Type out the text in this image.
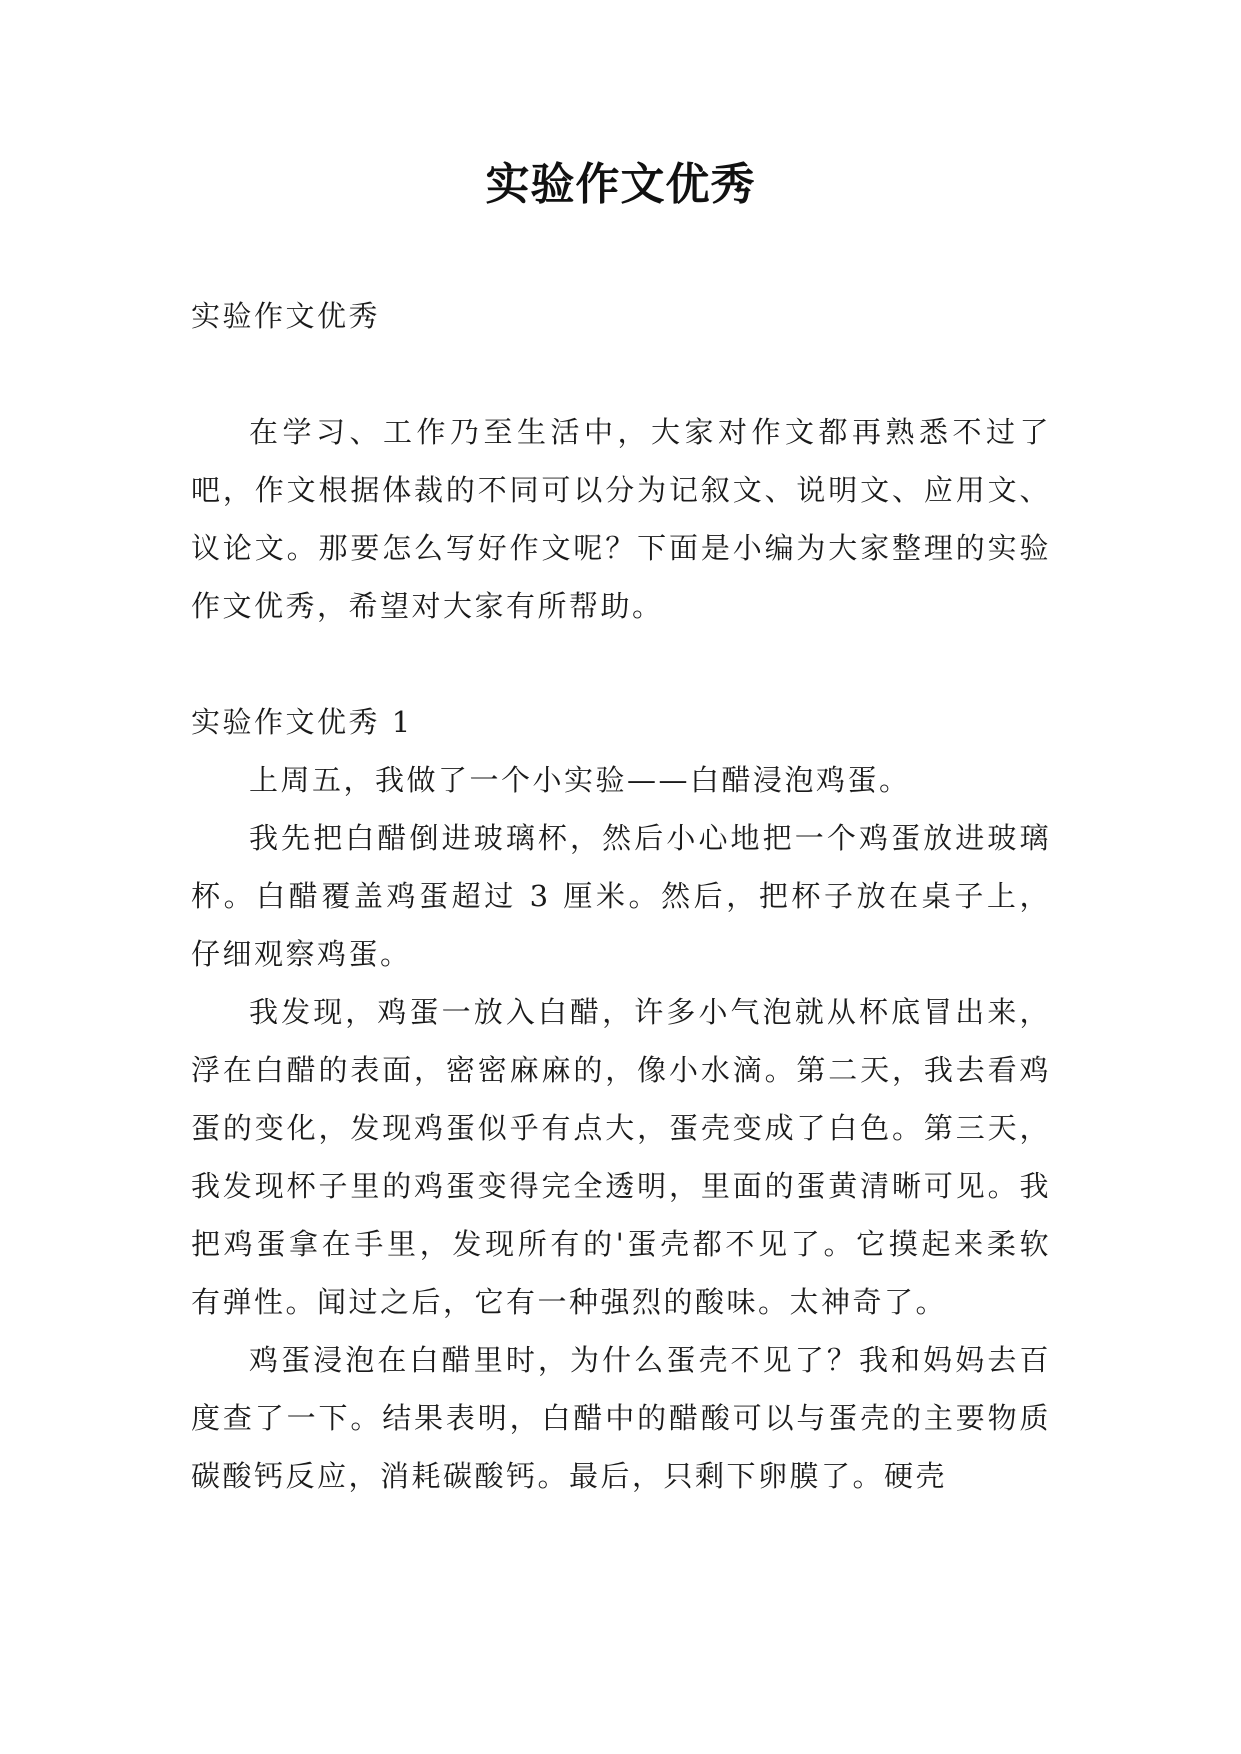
实验作文优秀

实验作文优秀

在学习、工作乃至生活中，大家对作文都再熟悉不过了吧，作文根据体裁的不同可以分为记叙文、说明文、应用文、议论文。那要怎么写好作文呢？下面是小编为大家整理的实验作文优秀，希望对大家有所帮助。

实验作文优秀 1

上周五，我做了一个小实验——白醋浸泡鸡蛋。

我先把白醋倒进玻璃杯，然后小心地把一个鸡蛋放进玻璃杯。白醋覆盖鸡蛋超过 3 厘米。然后，把杯子放在桌子上，仔细观察鸡蛋。

我发现，鸡蛋一放入白醋，许多小气泡就从杯底冒出来，浮在白醋的表面，密密麻麻的，像小水滴。第二天，我去看鸡蛋的变化，发现鸡蛋似乎有点大，蛋壳变成了白色。第三天，我发现杯子里的鸡蛋变得完全透明，里面的蛋黄清晰可见。我把鸡蛋拿在手里，发现所有的'蛋壳都不见了。它摸起来柔软有弹性。闻过之后，它有一种强烈的酸味。太神奇了。

鸡蛋浸泡在白醋里时，为什么蛋壳不见了？我和妈妈去百度查了一下。结果表明，白醋中的醋酸可以与蛋壳的主要物质碳酸钙反应，消耗碳酸钙。最后，只剩下卵膜了。硬壳
